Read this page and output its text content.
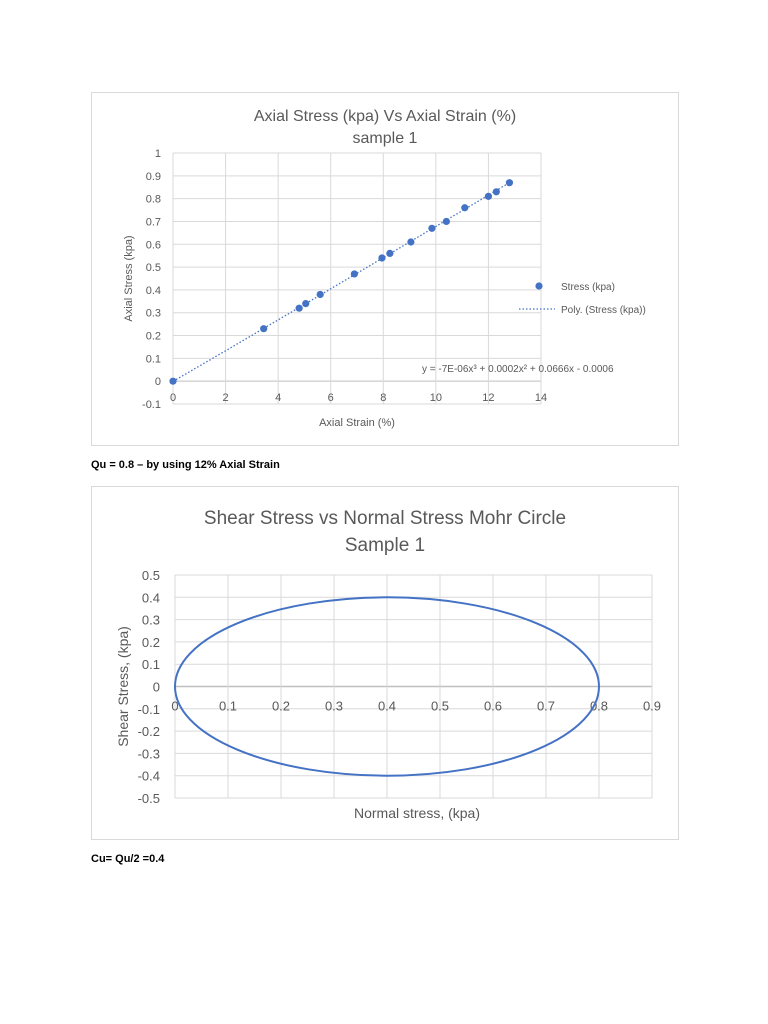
Axial Stress (kpa) Vs Axial Strain (%)
sample 1
-0.1
0
0.1
0.2
0.3
0.4
0.5
0.6
0.7
0.8
0.9
1
0	2	4	6	8	10	12	14
y = -7E-06x³ + 0.0002x² + 0.0666x - 0.0006
Stress (kpa)
Poly. (Stress (kpa))
Axial Strain (%)
Axial Stress (kpa)
Qu = 0.8 – by using 12% Axial Strain
Shear Stress vs Normal Stress Mohr Circle
Sample 1
-0.5
-0.4
-0.3
-0.2
-0.1
0
0.1
0.2
0.3
0.4
0.5
0	0.1	0.2	0.3	0.4	0.5	0.6	0.7	0.8	0.9
Normal stress, (kpa)
Shear Stress, (kpa)
Cu= Qu/2 =0.4
